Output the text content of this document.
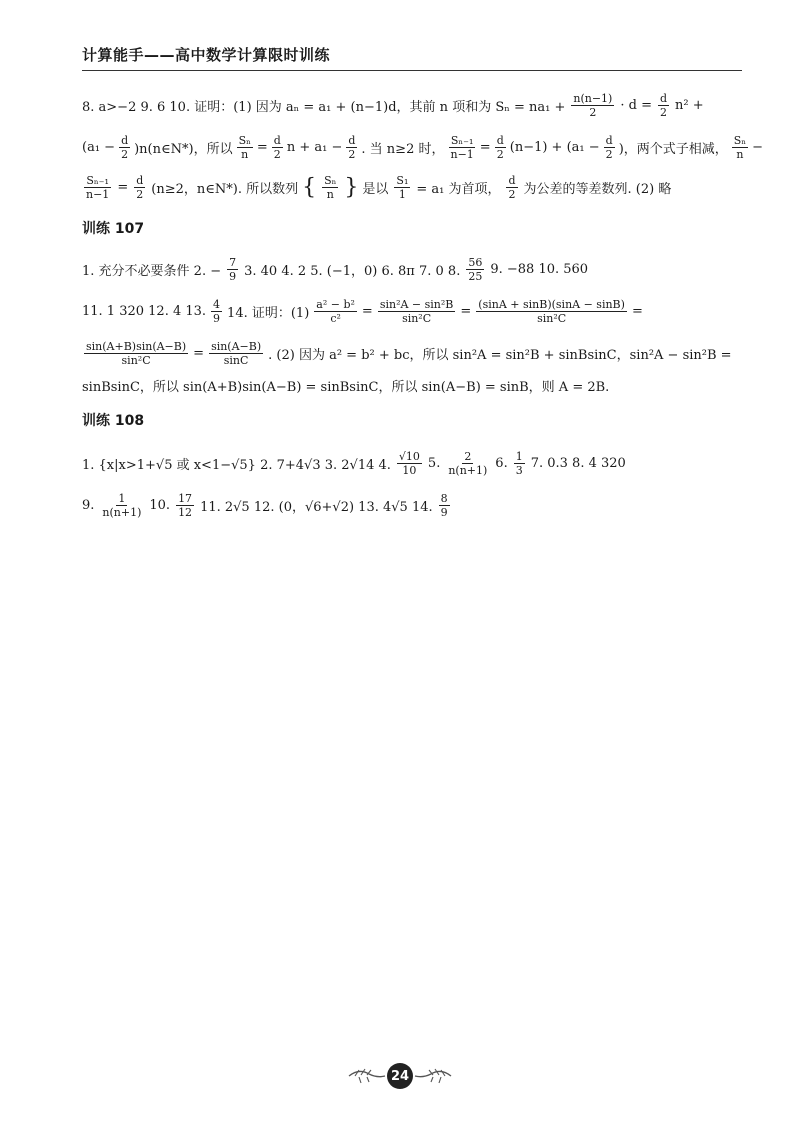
计算能手——高中数学计算限时训练
8. a>−2 9. 6 10. 证明：(1) 因为 aₙ = a₁ + (n−1)d，其前 n 项和为 $S_n = na_1 + \frac{n(n-1)}{2} \cdot d = \frac{d}{2} n^2$ +
($a_1 - \frac{d}{2}$ )n(n∈N*)，所以 $\frac{\text{Sₙ}}{n} = \frac{d}{2}$ $n + a_1 - \frac{d}{2}$ . 当 n≥2 时， $\frac{\text{Sₙ₋₁}}{n-1} = \frac{d}{2} (n-1) + (a_1 - \frac{d}{2}$ )，两个式子相减， $\frac{\text{Sₙ}}{n}$ −
$\frac{\text{Sₙ₋₁}}{n-1} = \frac{d}{2} (n\ge 2$，n∈N*). 所以数列 { $\frac{\text{Sₙ}}{n}$ } 是以 $\frac{\text{S₁}}{1} = a_1$ 为首项， $\frac{d}{2}$ 为公差的等差数列. (2) 略
训练 107
1. 充分不必要条件 2. − $\frac{7}{9} 3$. 40 4. 2 5. (−1，0) 6. 8π 7. 0 8. $\frac{56}{25} 9$. −88 10. 560
11. 1 320 12. 4 13. $\frac{4}{9} 14$. 证明：$(1) \frac{\text{a² − b²}}{\text{c²}} = \frac{\text{sin²A − sin²B}}{\text{sin²C}} = \frac{(\sin A + \sin B)(\sin A - \sin B)}{\text{sin²C}}$ =
$\frac{\sin(A+B)\sin(A-B)}{\text{sin²C}} = \frac{\sin(A-B)}{\sin C}$ . (2) 因为 a² = b² + bc，所以 sin²A = sin²B + sinBsinC，sin²A − sin²B =
sinBsinC，所以 sin(A+B)sin(A−B) = sinBsinC，所以 sin(A−B) = sinB，则 A = 2B.
训练 108
1. {x|x>1+√5 或 x<1−√5} 2. 7+4√3 3. 2√14 4. $\frac{√10}{10} 5$. $\frac{2}{n(n+1)} 6$. $\frac{1}{3} 7$. 0.3 8. 4 320
9. $\frac{1}{n(n+1)} 10$. $\frac{17}{12} 11$. 2√5 12. (0，√6+√2) 13. 4√5 14. $\frac{8}{9}$
24
